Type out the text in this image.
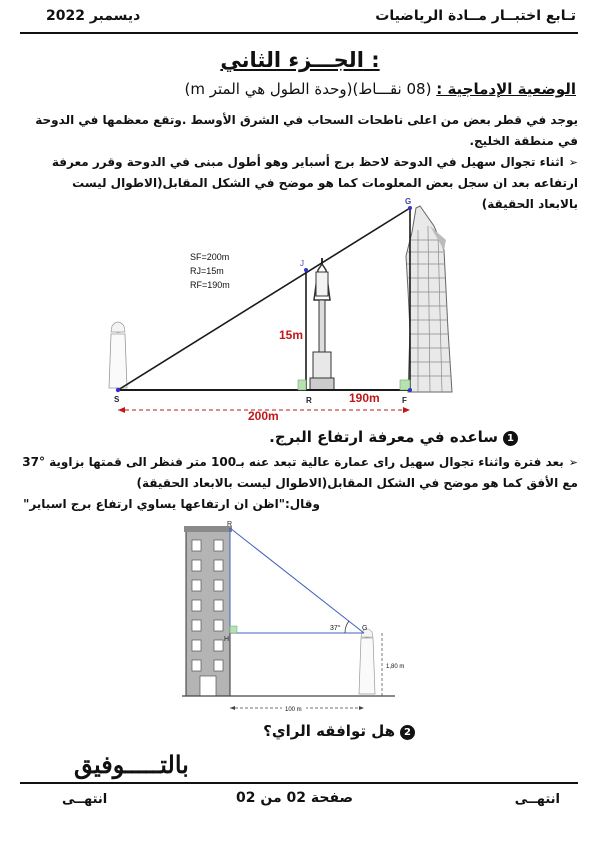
تـابع اختبــار مــادة الرياضيات
ديسمبر 2022
الجـــزء الثاني :
الوضعية الإدماجية : (08 نقـــاط)(وحدة الطول هي المتر m)
يوجد في قطر بعض من اعلى ناطحات السحاب في الشرق الأوسط .وتقع معظمها في الدوحة في منطقة الخليج.
➢ اثناء تجوال سهيل في الدوحة لاحظ برج أسباير وهو أطول مبنى في الدوحة وقرر معرفة ارتفاعه بعد ان سجل بعض المعلومات كما هو موضح في الشكل المقابل(الاطوال ليست بالابعاد الحقيقة)
S	R	F
J
G
SF=200m
RJ=15m
RF=190m
15m
190m
200m
1ساعده في معرفة ارتفاع البرج.
➢ بعد فترة واثناء تجوال سهيل راى عمارة عالية تبعد عنه بـ100 متر فنظر الى قمتها بزاوية °37 مع الأفق كما هو موضح في الشكل المقابل(الاطوال ليست بالابعاد الحقيقة)
وقال:"اظن ان ارتفاعها يساوي ارتفاع برج اسباير"
37°
R
H
G
1,80 m
100 m
2هل توافقه الراي؟
بالتـــــوفيق
انتهــى
صفحة 02 من 02
انتهــى
